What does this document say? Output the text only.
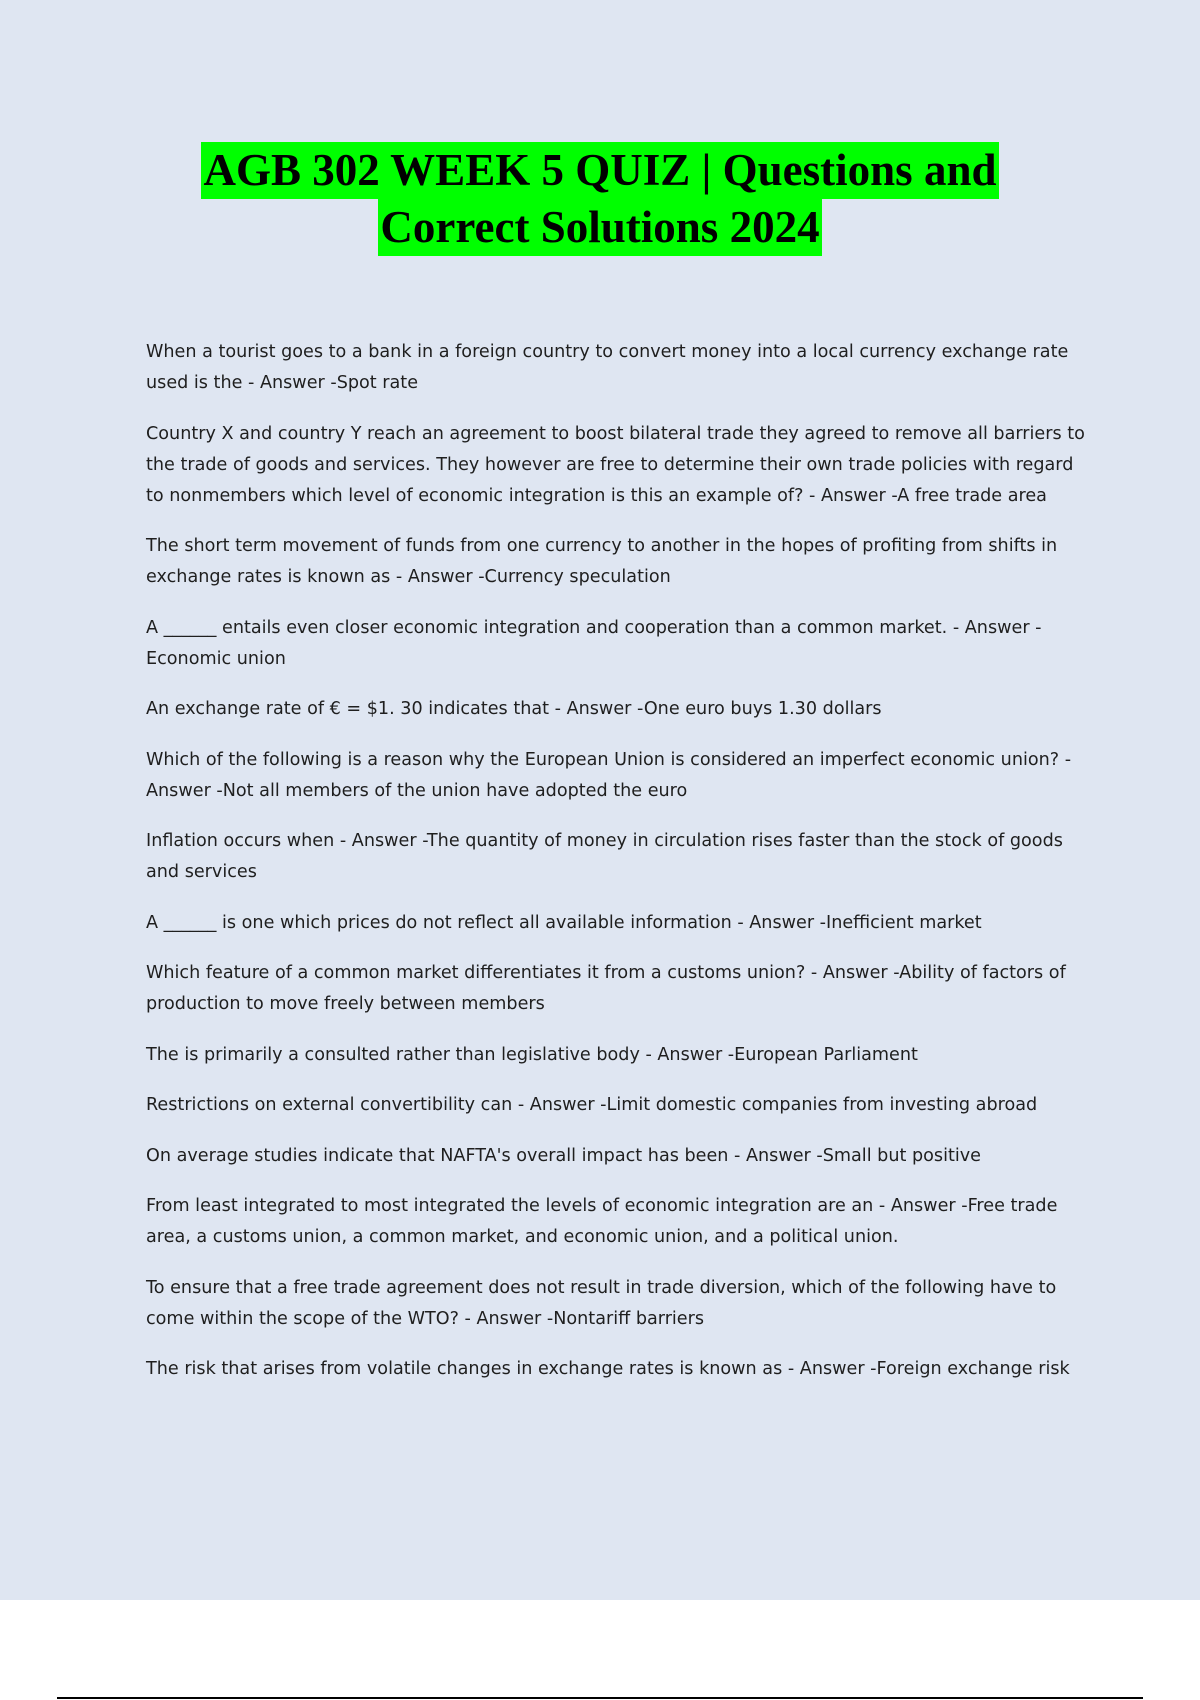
AGB 302 WEEK 5 QUIZ | Questions and
Correct Solutions 2024
When a tourist goes to a bank in a foreign country to convert money into a local currency exchange rate used is the - Answer -Spot rate
Country X and country Y reach an agreement to boost bilateral trade they agreed to remove all barriers to the trade of goods and services. They however are free to determine their own trade policies with regard to nonmembers which level of economic integration is this an example of? - Answer -A free trade area
The short term movement of funds from one currency to another in the hopes of profiting from shifts in exchange rates is known as - Answer -Currency speculation
A ______ entails even closer economic integration and cooperation than a common market. - Answer -Economic union
An exchange rate of € = $1. 30 indicates that - Answer -One euro buys 1.30 dollars
Which of the following is a reason why the European Union is considered an imperfect economic union? - Answer -Not all members of the union have adopted the euro
Inflation occurs when - Answer -The quantity of money in circulation rises faster than the stock of goods and services
A ______ is one which prices do not reflect all available information - Answer -Inefficient market
Which feature of a common market differentiates it from a customs union? - Answer -Ability of factors of production to move freely between members
The is primarily a consulted rather than legislative body - Answer -European Parliament
Restrictions on external convertibility can - Answer -Limit domestic companies from investing abroad
On average studies indicate that NAFTA's overall impact has been - Answer -Small but positive
From least integrated to most integrated the levels of economic integration are an - Answer -Free trade area, a customs union, a common market, and economic union, and a political union.
To ensure that a free trade agreement does not result in trade diversion, which of the following have to come within the scope of the WTO? - Answer -Nontariff barriers
The risk that arises from volatile changes in exchange rates is known as - Answer -Foreign exchange risk
